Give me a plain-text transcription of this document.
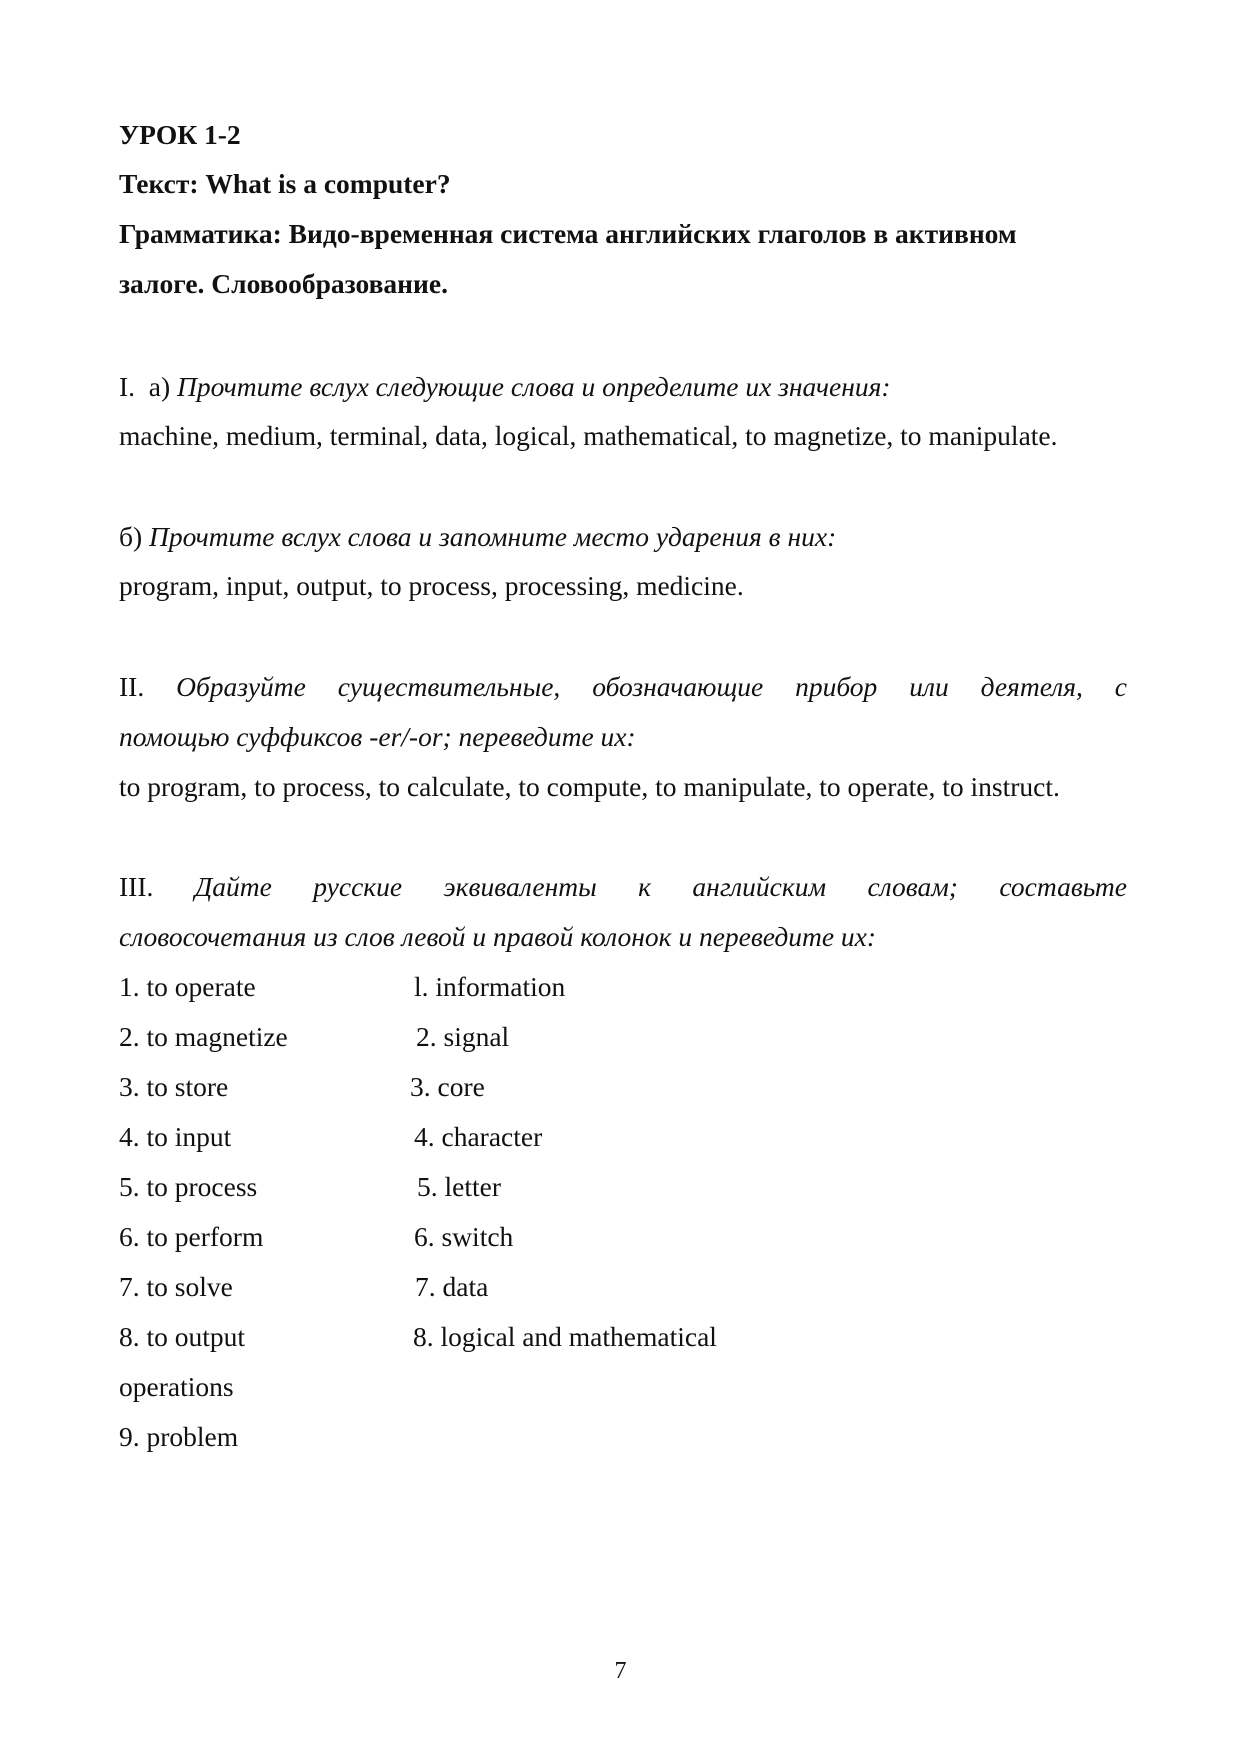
УРОК 1-2
Текст: What is a computer?
Грамматика: Видо-временная система английских глаголов в активном
залоге. Словообразование.
I.  а) Прочтите вслух следующие слова и определите их значения:
machine, medium, terminal, data, logical, mathematical, to magnetize, to manipulate.
б) Прочтите вслух слова и запомните место ударения в них:
program, input, output, to process, processing, medicine.
II. Образуйте существительные, обозначающие прибор или деятеля, с
помощью суффиксов -er/-or; переведите их:
to program, to process, to calculate, to compute, to manipulate, to operate, to instruct.
III. Дайте русские эквиваленты к английским словам; составьте
словосочетания из слов левой и правой колонок и переведите их:
1. to operate
2. to magnetize
3. to store
4. to input
5. to process
6. to perform
7. to solve
8. to output
operations
9. problem
l. information
2. signal
3. core
4. character
5. letter
6. switch
7. data
8. logical and mathematical
7
